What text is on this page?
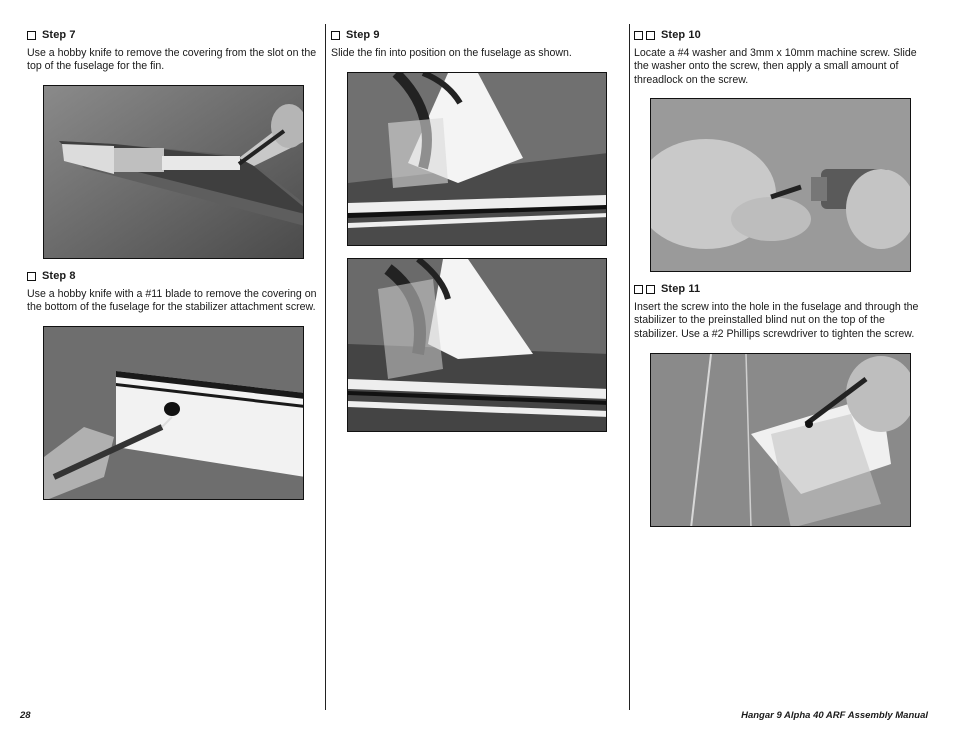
Step 7
Use a hobby knife to remove the covering from the slot on the top of the fuselage for the fin.
Step 8
Use a hobby knife with a #11 blade to remove the covering on the bottom of the fuselage for the stabilizer attachment screw.
Step 9
Slide the fin into position on the fuselage as shown.
Step 10
Locate a #4 washer and 3mm x 10mm machine screw. Slide the washer onto the screw, then apply a small amount of threadlock on the screw.
Step 11
Insert the screw into the hole in the fuselage and through the stabilizer to the preinstalled blind nut on the top of the stabilizer. Use a #2 Phillips screwdriver to tighten the screw.
28	Hangar 9 Alpha 40 ARF Assembly Manual
